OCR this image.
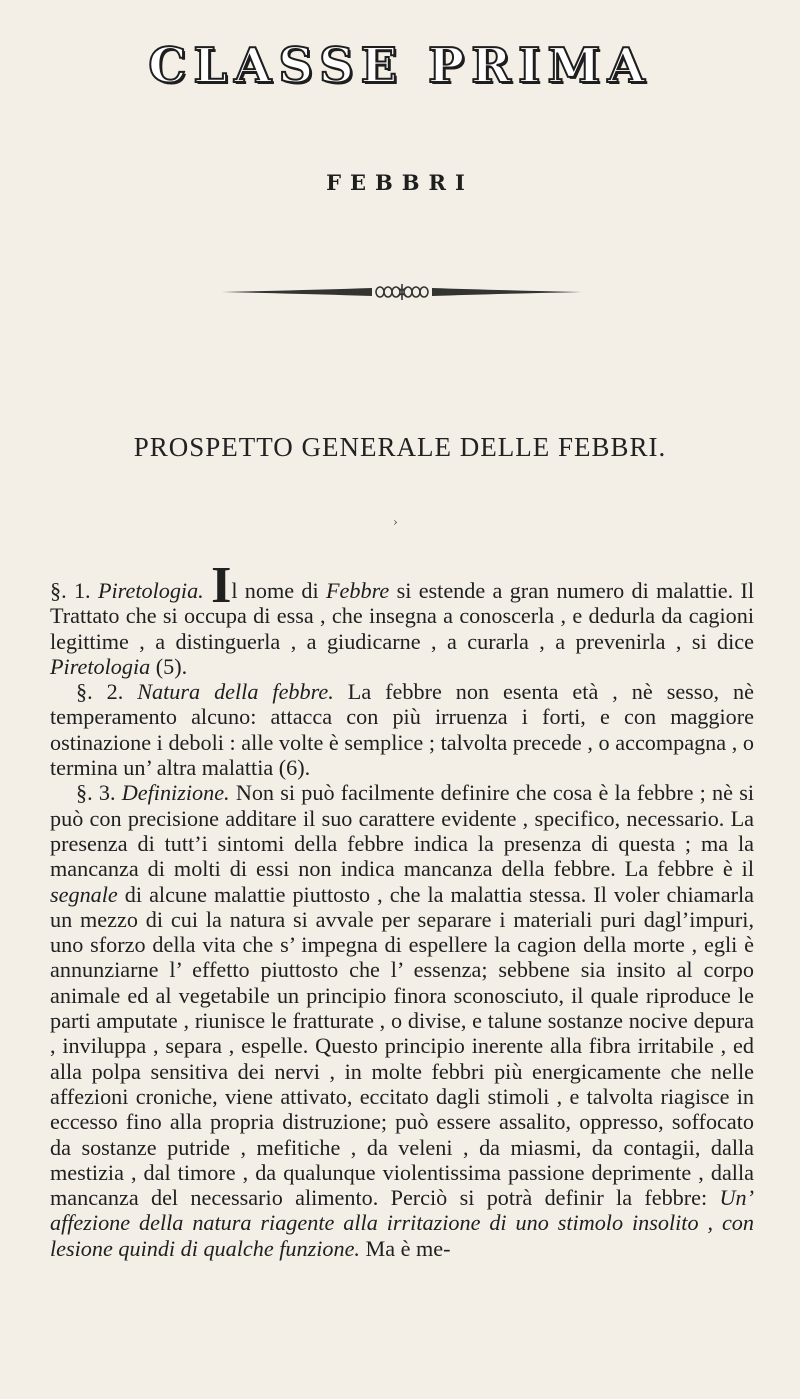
CLASSE PRIMA
FEBBRI
PROSPETTO GENERALE DELLE FEBBRI.
›

§. 1. Piretologia. Il nome di Febbre si estende a gran numero di malattie. Il Trattato che si occupa di essa , che insegna a conoscerla , e dedurla da cagioni legittime , a distinguerla , a giudicarne , a curarla , a prevenirla , si dice Piretologia (5).

§. 2. Natura della febbre. La febbre non esenta età , nè sesso, nè temperamento alcuno: attacca con più irruenza i forti, e con maggiore ostinazione i deboli : alle volte è semplice ; talvolta precede , o accompagna , o termina un’ altra malattia (6).

§. 3. Definizione. Non si può facilmente definire che cosa è la febbre ; nè si può con precisione additare il suo carattere evidente , specifico, necessario. La presenza di tutt’i sintomi della febbre indica la presenza di questa ; ma la mancanza di molti di essi non indica mancanza della febbre. La febbre è il segnale di alcune malattie piuttosto , che la malattia stessa. Il voler chiamarla un mezzo di cui la natura si avvale per separare i materiali puri dagl’impuri, uno sforzo della vita che s’ impegna di espellere la cagion della morte , egli è annunziarne l’ effetto piuttosto che l’ essenza; sebbene sia insito al corpo animale ed al vegetabile un principio finora sconosciuto, il quale riproduce le parti amputate , riunisce le fratturate , o divise, e talune sostanze nocive depura , inviluppa , separa , espelle. Questo principio inerente alla fibra irritabile , ed alla polpa sensitiva dei nervi , in molte febbri più energicamente che nelle affezioni croniche, viene attivato, eccitato dagli stimoli , e talvolta riagisce in eccesso fino alla propria distruzione; può essere assalito, oppresso, soffocato da sostanze putride , mefitiche , da veleni , da miasmi, da contagii, dalla mestizia , dal timore , da qualunque violentissima passione deprimente , dalla mancanza del necessario alimento. Perciò si potrà definir la febbre: Un’ affezione della natura riagente alla irritazione di uno stimolo insolito , con lesione quindi di qualche funzione. Ma è me-
